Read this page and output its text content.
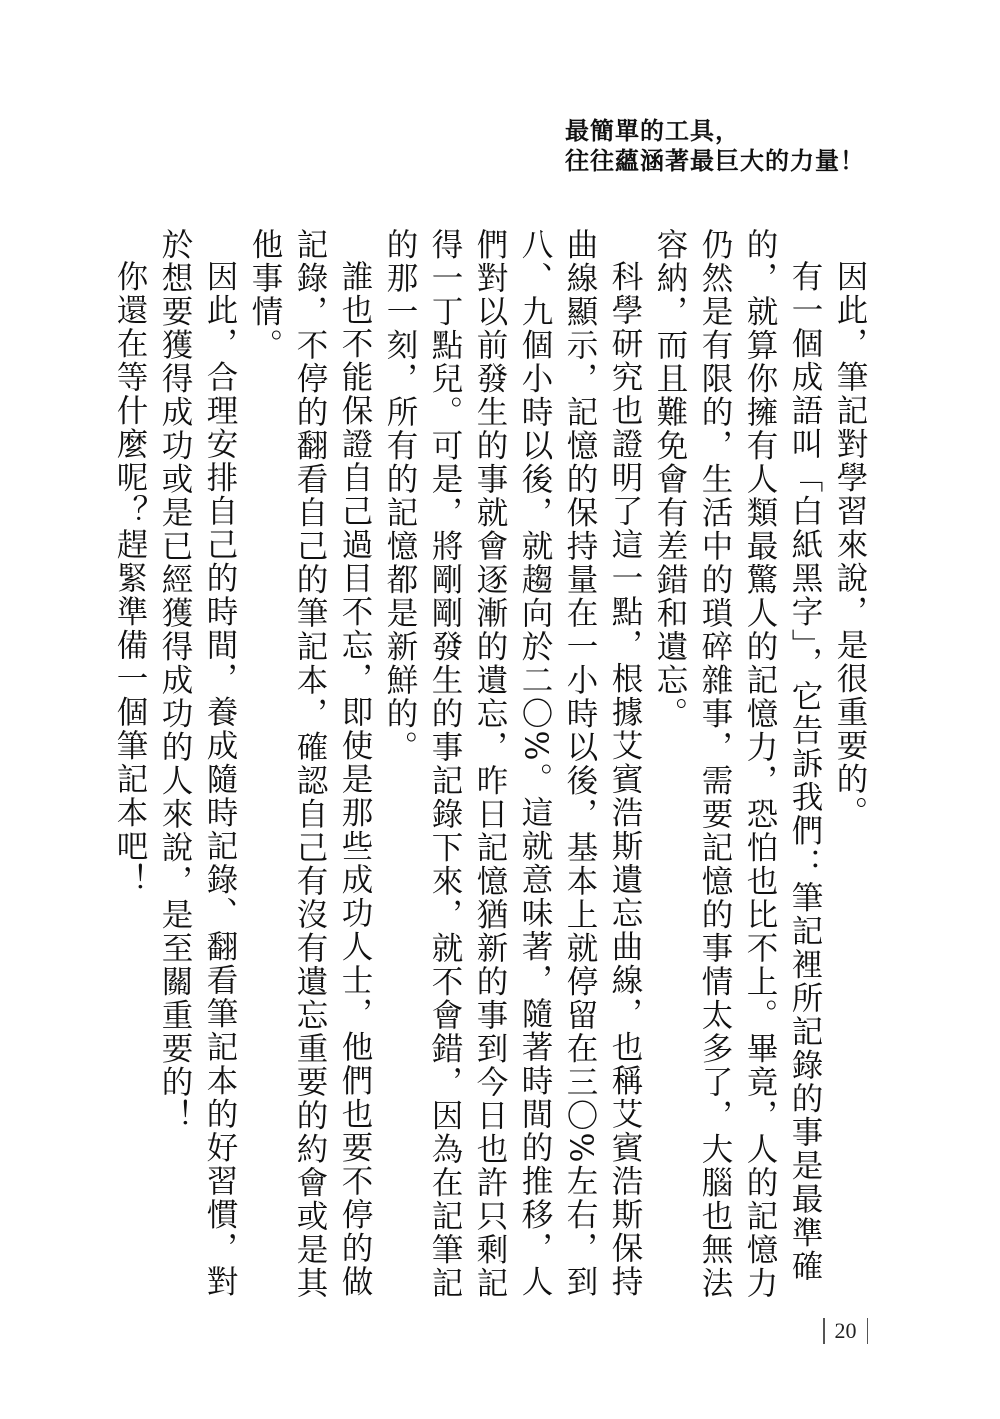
最簡單的工具，
往往蘊涵著最巨大的力量！

因此，筆記對學習來說，是很重要的。

有一個成語叫「白紙黑字」，它告訴我們：筆記裡所記錄的事是最準確的，就算你擁有人類最驚人的記憶力，恐怕也比不上。畢竟，人的記憶力仍然是有限的，生活中的瑣碎雜事，需要記憶的事情太多了，大腦也無法容納，而且難免會有差錯和遺忘。

科學研究也證明了這一點，根據艾賓浩斯遺忘曲線，也稱艾賓浩斯保持曲線顯示，記憶的保持量在一小時以後，基本上就停留在三〇%左右，到八、九個小時以後，就趨向於二〇%。這就意味著，隨著時間的推移，人們對以前發生的事就會逐漸的遺忘，昨日記憶猶新的事到今日也許只剩記得一丁點兒。可是，將剛剛發生的事記錄下來，就不會錯，因為在記筆記的那一刻，所有的記憶都是新鮮的。

誰也不能保證自己過目不忘，即使是那些成功人士，他們也要不停的做記錄，不停的翻看自己的筆記本，確認自己有沒有遺忘重要的約會或是其他事情。

因此，合理安排自己的時間，養成隨時記錄、翻看筆記本的好習慣，對於想要獲得成功或是已經獲得成功的人來說，是至關重要的！

你還在等什麼呢？趕緊準備一個筆記本吧！

20
